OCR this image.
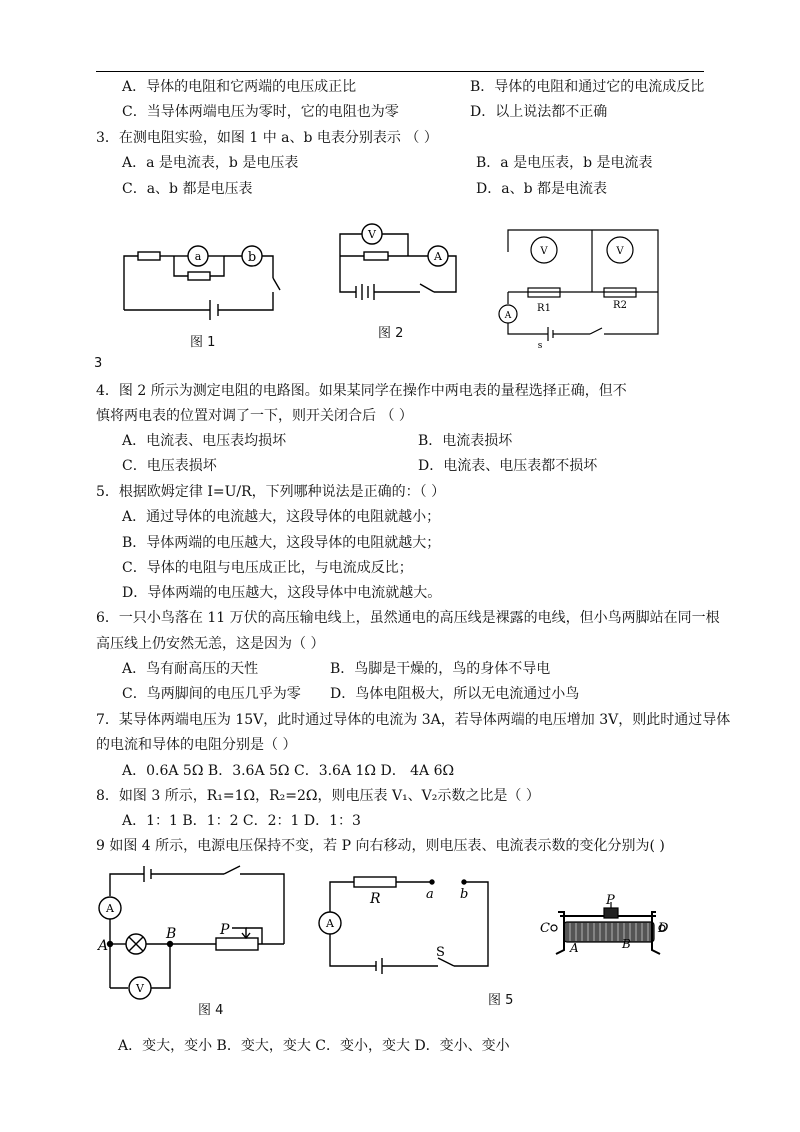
A．导体的电阻和它两端的电压成正比	B．导体的电阻和通过它的电流成反比
C．当导体两端电压为零时，它的电阻也为零	D．以上说法都不正确
3．在测电阻实验，如图 1 中 a、b 电表分别表示 （ ）
A．a 是电流表，b 是电压表	B．a 是电压表，b 是电流表
C．a、b 都是电压表	D．a、b 都是电流表
a	b
图 1
V
A
图 2
V	V
A
R1	R2
s
3
4．图 2 所示为测定电阻的电路图。如果某同学在操作中两电表的量程选择正确，但不
慎将两电表的位置对调了一下，则开关闭合后 （ ）
A．电流表、电压表均损坏	B．电流表损坏
C．电压表损坏	D．电流表、电压表都不损坏
5．根据欧姆定律 I=U/R，下列哪种说法是正确的：（ ）
A．通过导体的电流越大，这段导体的电阻就越小；
B．导体两端的电压越大，这段导体的电阻就越大；
C．导体的电阻与电压成正比，与电流成反比；
D．导体两端的电压越大，这段导体中电流就越大。
6．一只小鸟落在 11 万伏的高压输电线上，虽然通电的高压线是裸露的电线，但小鸟两脚站在同一根
高压线上仍安然无恙，这是因为（ ）
A．鸟有耐高压的天性	B．鸟脚是干燥的，鸟的身体不导电
C．鸟两脚间的电压几乎为零 D．鸟体电阻极大，所以无电流通过小鸟
7．某导体两端电压为 15V，此时通过导体的电流为 3A，若导体两端的电压增加 3V，则此时通过导体
的电流和导体的电阻分别是（ ）
A．0.6A 5Ω B．3.6A 5Ω C．3.6A 1Ω D． 4A 6Ω
8．如图 3 所示，R₁=1Ω，R₂=2Ω，则电压表 V₁、V₂示数之比是（ ）
A．1：1 B．1：2 C．2：1 D．1：3
9 如图 4 所示，电源电压保持不变，若 P 向右移动，则电压表、电流表示数的变化分别为( )
A
V
A
B	P
图 4
R	a b
A
S
图 5
P
C	D
A	B
A．变大，变小 B．变大，变大 C．变小，变大 D．变小、变小
